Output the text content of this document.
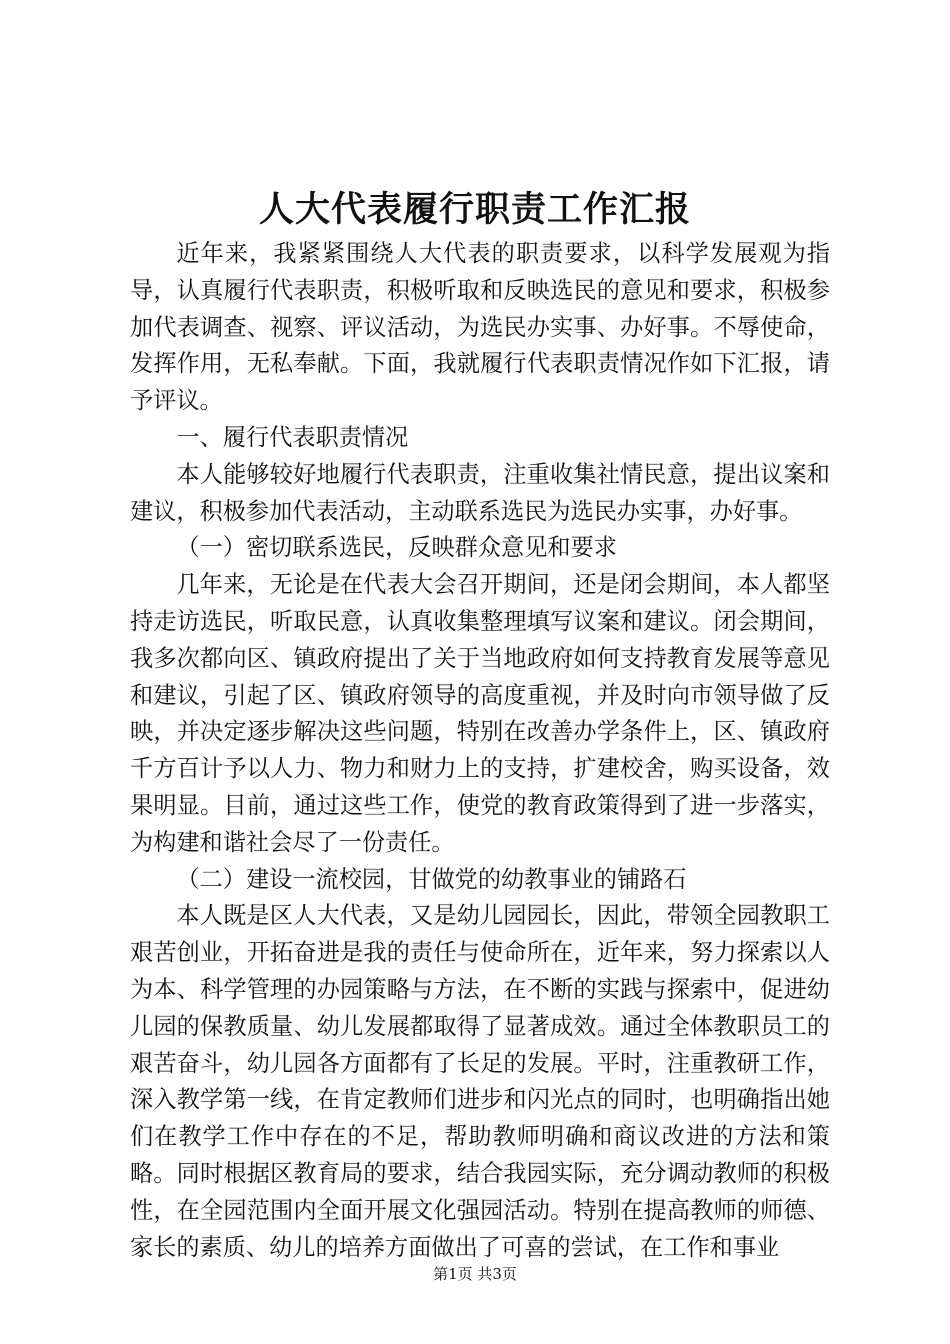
人大代表履行职责工作汇报

近年来，我紧紧围绕人大代表的职责要求，以科学发展观为指导，认真履行代表职责，积极听取和反映选民的意见和要求，积极参加代表调查、视察、评议活动，为选民办实事、办好事。不辱使命，发挥作用，无私奉献。下面，我就履行代表职责情况作如下汇报，请予评议。

一、履行代表职责情况

本人能够较好地履行代表职责，注重收集社情民意，提出议案和建议，积极参加代表活动，主动联系选民为选民办实事，办好事。

（一）密切联系选民，反映群众意见和要求

几年来，无论是在代表大会召开期间，还是闭会期间，本人都坚持走访选民，听取民意，认真收集整理填写议案和建议。闭会期间，我多次都向区、镇政府提出了关于当地政府如何支持教育发展等意见和建议，引起了区、镇政府领导的高度重视，并及时向市领导做了反映，并决定逐步解决这些问题，特别在改善办学条件上，区、镇政府千方百计予以人力、物力和财力上的支持，扩建校舍，购买设备，效果明显。目前，通过这些工作，使党的教育政策得到了进一步落实，为构建和谐社会尽了一份责任。

（二）建设一流校园，甘做党的幼教事业的铺路石

本人既是区人大代表，又是幼儿园园长，因此，带领全园教职工艰苦创业，开拓奋进是我的责任与使命所在，近年来，努力探索以人为本、科学管理的办园策略与方法，在不断的实践与探索中，促进幼儿园的保教质量、幼儿发展都取得了显著成效。通过全体教职员工的艰苦奋斗，幼儿园各方面都有了长足的发展。平时，注重教研工作，深入教学第一线，在肯定教师们进步和闪光点的同时，也明确指出她们在教学工作中存在的不足，帮助教师明确和商议改进的方法和策略。同时根据区教育局的要求，结合我园实际，充分调动教师的积极性，在全园范围内全面开展文化强园活动。特别在提高教师的师德、家长的素质、幼儿的培养方面做出了可喜的尝试，在工作和事业

第1页 共3页
